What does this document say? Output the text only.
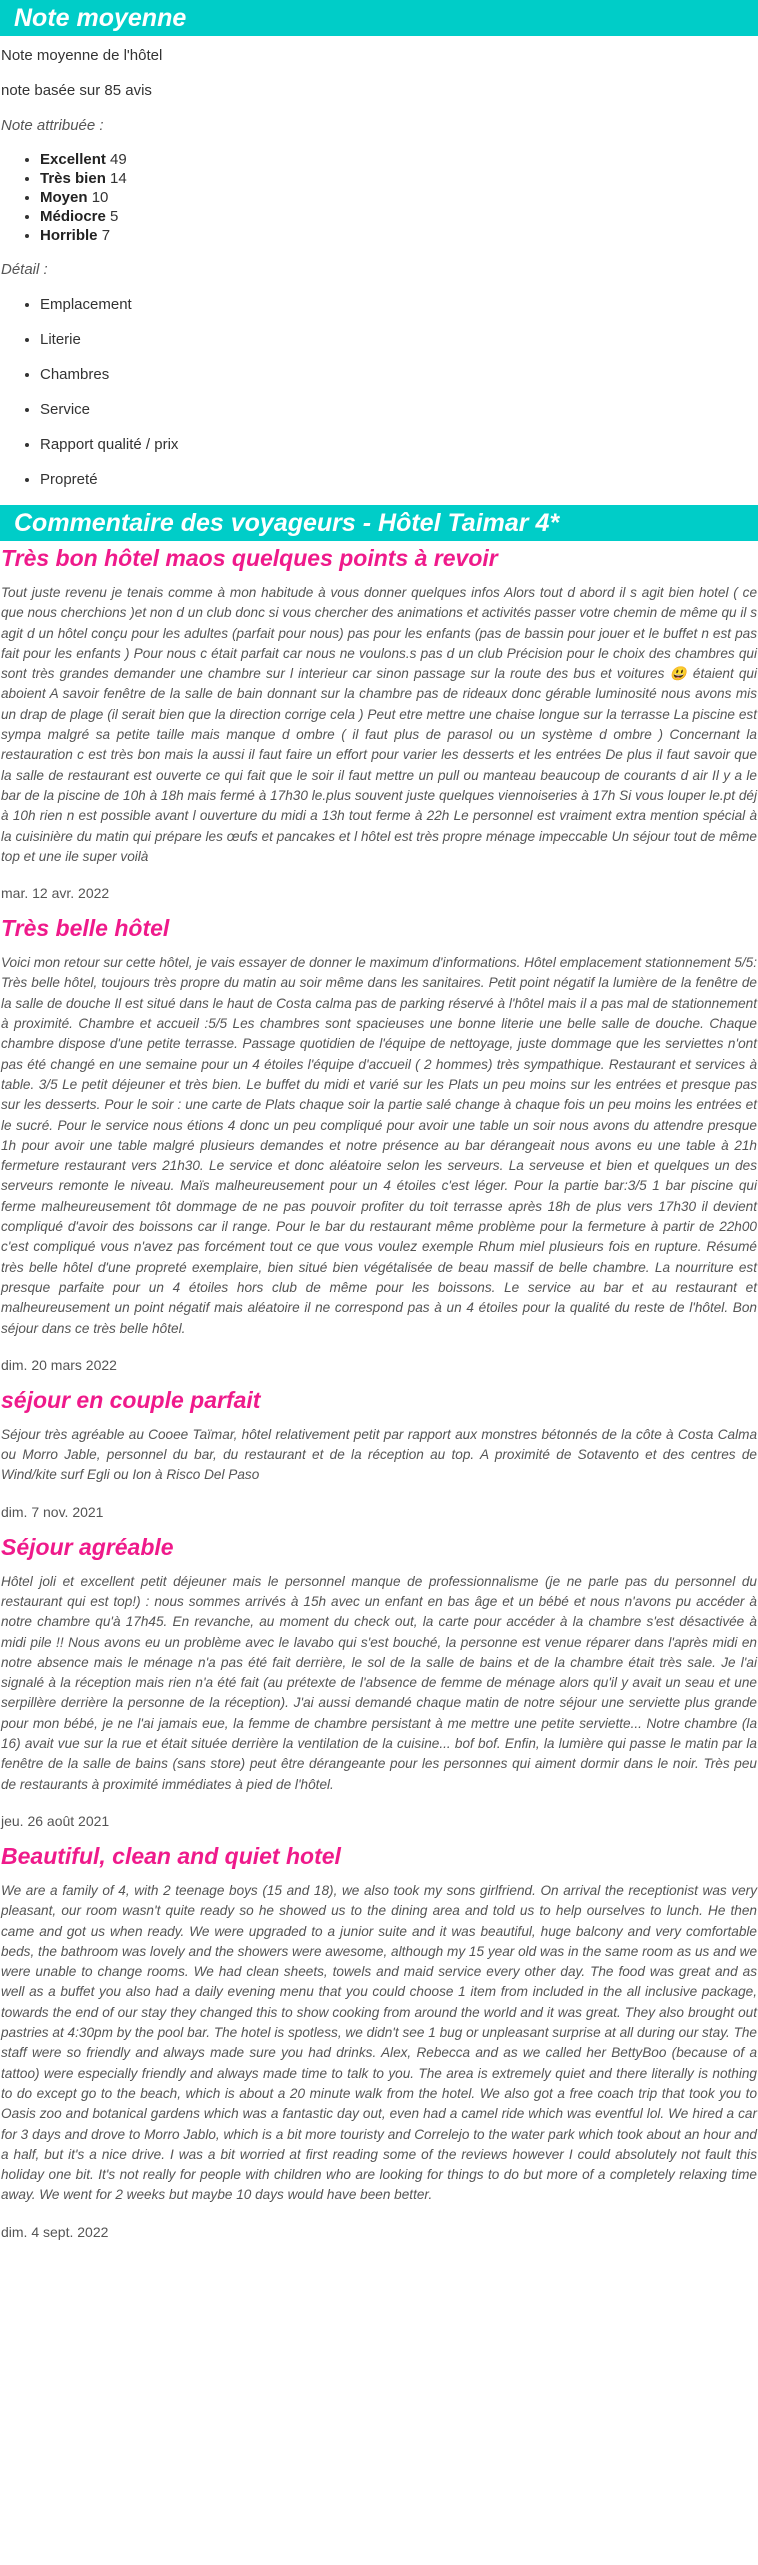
Note moyenne

Note moyenne de l'hôtel

note basée sur 85 avis

Note attribuée :

• Excellent 49
• Très bien 14
• Moyen 10
• Médiocre 5
• Horrible 7

Détail :

• Emplacement
• Literie
• Chambres
• Service
• Rapport qualité / prix
• Propreté
Commentaire des voyageurs - Hôtel Taimar 4*
Très bon hôtel maos quelques points à revoir

Tout juste revenu je tenais comme à mon habitude à vous donner quelques infos Alors tout d abord il s agit bien hotel ( ce que nous cherchions )et non d un club donc si vous chercher des animations et activités passer votre chemin de même qu il s agit d un hôtel conçu pour les adultes (parfait pour nous) pas pour les enfants (pas de bassin pour jouer et le buffet n est pas fait pour les enfants ) Pour nous c était parfait car nous ne voulons.s pas d un club Précision pour le choix des chambres qui sont très grandes demander une chambre sur l interieur car sinon passage sur la route des bus et voitures 😃 étaient qui aboient A savoir fenêtre de la salle de bain donnant sur la chambre pas de rideaux donc gérable luminosité nous avons mis un drap de plage (il serait bien que la direction corrige cela ) Peut etre mettre une chaise longue sur la terrasse La piscine est sympa malgré sa petite taille mais manque d ombre ( il faut plus de parasol ou un système d ombre ) Concernant la restauration c est très bon mais la aussi il faut faire un effort pour varier les desserts et les entrées De plus il faut savoir que la salle de restaurant est ouverte ce qui fait que le soir il faut mettre un pull ou manteau beaucoup de courants d air Il y a le bar de la piscine de 10h à 18h mais fermé à 17h30 le.plus souvent juste quelques viennoiseries à 17h Si vous louper le.pt déj à 10h rien n est possible avant l ouverture du midi a 13h tout ferme à 22h Le personnel est vraiment extra mention spécial à la cuisinière du matin qui prépare les œufs et pancakes et l hôtel est très propre ménage impeccable Un séjour tout de même top et une ile super voilà

mar. 12 avr. 2022

Très belle hôtel

Voici mon retour sur cette hôtel, je vais essayer de donner le maximum d'informations. Hôtel emplacement stationnement 5/5: Très belle hôtel, toujours très propre du matin au soir même dans les sanitaires. Petit point négatif la lumière de la fenêtre de la salle de douche Il est situé dans le haut de Costa calma pas de parking réservé à l'hôtel mais il a pas mal de stationnement à proximité. Chambre et accueil :5/5 Les chambres sont spacieuses une bonne literie une belle salle de douche. Chaque chambre dispose d'une petite terrasse. Passage quotidien de l'équipe de nettoyage, juste dommage que les serviettes n'ont pas été changé en une semaine pour un 4 étoiles l'équipe d'accueil ( 2 hommes) très sympathique. Restaurant et services à table. 3/5 Le petit déjeuner et très bien. Le buffet du midi et varié sur les Plats un peu moins sur les entrées et presque pas sur les desserts. Pour le soir : une carte de Plats chaque soir la partie salé change à chaque fois un peu moins les entrées et le sucré. Pour le service nous étions 4 donc un peu compliqué pour avoir une table un soir nous avons du attendre presque 1h pour avoir une table malgré plusieurs demandes et notre présence au bar dérangeait nous avons eu une table à 21h fermeture restaurant vers 21h30. Le service et donc aléatoire selon les serveurs. La serveuse et bien et quelques un des serveurs remonte le niveau. Maïs malheureusement pour un 4 étoiles c'est léger. Pour la partie bar:3/5 1 bar piscine qui ferme malheureusement tôt dommage de ne pas pouvoir profiter du toit terrasse après 18h de plus vers 17h30 il devient compliqué d'avoir des boissons car il range. Pour le bar du restaurant même problème pour la fermeture à partir de 22h00 c'est compliqué vous n'avez pas forcément tout ce que vous voulez exemple Rhum miel plusieurs fois en rupture. Résumé très belle hôtel d'une propreté exemplaire, bien situé bien végétalisée de beau massif de belle chambre. La nourriture est presque parfaite pour un 4 étoiles hors club de même pour les boissons. Le service au bar et au restaurant et malheureusement un point négatif mais aléatoire il ne correspond pas à un 4 étoiles pour la qualité du reste de l'hôtel. Bon séjour dans ce très belle hôtel.

dim. 20 mars 2022

séjour en couple parfait

Séjour très agréable au Cooee Taïmar, hôtel relativement petit par rapport aux monstres bétonnés de la côte à Costa Calma ou Morro Jable, personnel du bar, du restaurant et de la réception au top. A proximité de Sotavento et des centres de Wind/kite surf Egli ou Ion à Risco Del Paso

dim. 7 nov. 2021

Séjour agréable

Hôtel joli et excellent petit déjeuner mais le personnel manque de professionnalisme (je ne parle pas du personnel du restaurant qui est top!) : nous sommes arrivés à 15h avec un enfant en bas âge et un bébé et nous n'avons pu accéder à notre chambre qu'à 17h45. En revanche, au moment du check out, la carte pour accéder à la chambre s'est désactivée à midi pile !! Nous avons eu un problème avec le lavabo qui s'est bouché, la personne est venue réparer dans l'après midi en notre absence mais le ménage n'a pas été fait derrière, le sol de la salle de bains et de la chambre était très sale. Je l'ai signalé à la réception mais rien n'a été fait (au prétexte de l'absence de femme de ménage alors qu'il y avait un seau et une serpillère derrière la personne de la réception). J'ai aussi demandé chaque matin de notre séjour une serviette plus grande pour mon bébé, je ne l'ai jamais eue, la femme de chambre persistant à me mettre une petite serviette... Notre chambre (la 16) avait vue sur la rue et était située derrière la ventilation de la cuisine... bof bof. Enfin, la lumière qui passe le matin par la fenêtre de la salle de bains (sans store) peut être dérangeante pour les personnes qui aiment dormir dans le noir. Très peu de restaurants à proximité immédiates à pied de l'hôtel.

jeu. 26 août 2021

Beautiful, clean and quiet hotel

We are a family of 4, with 2 teenage boys (15 and 18), we also took my sons girlfriend. On arrival the receptionist was very pleasant, our room wasn't quite ready so he showed us to the dining area and told us to help ourselves to lunch. He then came and got us when ready. We were upgraded to a junior suite and it was beautiful, huge balcony and very comfortable beds, the bathroom was lovely and the showers were awesome, although my 15 year old was in the same room as us and we were unable to change rooms. We had clean sheets, towels and maid service every other day. The food was great and as well as a buffet you also had a daily evening menu that you could choose 1 item from included in the all inclusive package, towards the end of our stay they changed this to show cooking from around the world and it was great. They also brought out pastries at 4:30pm by the pool bar. The hotel is spotless, we didn't see 1 bug or unpleasant surprise at all during our stay. The staff were so friendly and always made sure you had drinks. Alex, Rebecca and as we called her BettyBoo (because of a tattoo) were especially friendly and always made time to talk to you. The area is extremely quiet and there literally is nothing to do except go to the beach, which is about a 20 minute walk from the hotel. We also got a free coach trip that took you to Oasis zoo and botanical gardens which was a fantastic day out, even had a camel ride which was eventful lol. We hired a car for 3 days and drove to Morro Jablo, which is a bit more touristy and Correlejo to the water park which took about an hour and a half, but it's a nice drive. I was a bit worried at first reading some of the reviews however I could absolutely not fault this holiday one bit. It's not really for people with children who are looking for things to do but more of a completely relaxing time away. We went for 2 weeks but maybe 10 days would have been better.

dim. 4 sept. 2022
